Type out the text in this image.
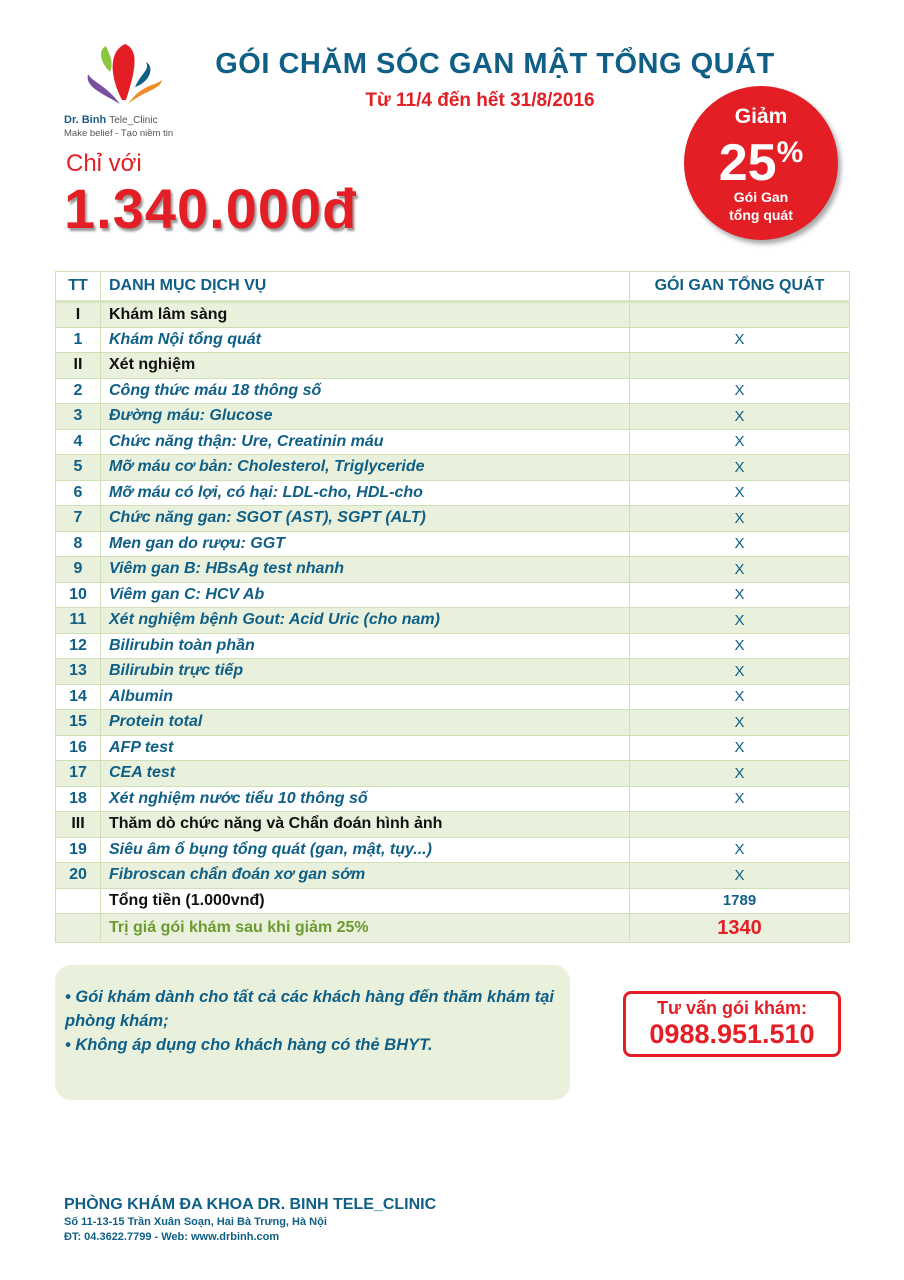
Dr. Binh Tele_Clinic
Make belief - Tạo niềm tin
GÓI CHĂM SÓC GAN MẬT TỔNG QUÁT
Từ 11/4 đến hết 31/8/2016
Chỉ với
1.340.000đ
Giảm
25%
Gói Gan
tổng quát
TT	DANH MỤC DỊCH VỤ	GÓI GAN TỔNG QUÁT
I	Khám lâm sàng	
1	Khám Nội tổng quát	X
II	Xét nghiệm	
2	Công thức máu 18 thông số	X
3	Đường máu: Glucose	X
4	Chức năng thận: Ure, Creatinin máu	X
5	Mỡ máu cơ bản: Cholesterol, Triglyceride	X
6	Mỡ máu có lợi, có hại: LDL-cho, HDL-cho	X
7	Chức năng gan: SGOT (AST), SGPT (ALT)	X
8	Men gan do rượu: GGT	X
9	Viêm gan B: HBsAg test nhanh	X
10	Viêm gan C: HCV Ab	X
11	Xét nghiệm bệnh Gout: Acid Uric (cho nam)	X
12	Bilirubin toàn phần	X
13	Bilirubin trực tiếp	X
14	Albumin	X
15	Protein total	X
16	AFP test	X
17	CEA test	X
18	Xét nghiệm nước tiểu 10 thông số	X
III	Thăm dò chức năng và Chẩn đoán hình ảnh	
19	Siêu âm ổ bụng tổng quát (gan, mật, tụy...)	X
20	Fibroscan chẩn đoán xơ gan sớm	X
	Tổng tiền (1.000vnđ)	1789
	Trị giá gói khám sau khi giảm 25%	1340

• Gói khám dành cho tất cả các khách hàng đến thăm khám tại phòng khám;

• Không áp dụng cho khách hàng có thẻ BHYT.

Tư vấn gói khám:
0988.951.510
PHÒNG KHÁM ĐA KHOA DR. BINH TELE_CLINIC
Số 11-13-15 Trần Xuân Soạn, Hai Bà Trưng, Hà Nội
ĐT: 04.3622.7799 - Web: www.drbinh.com
